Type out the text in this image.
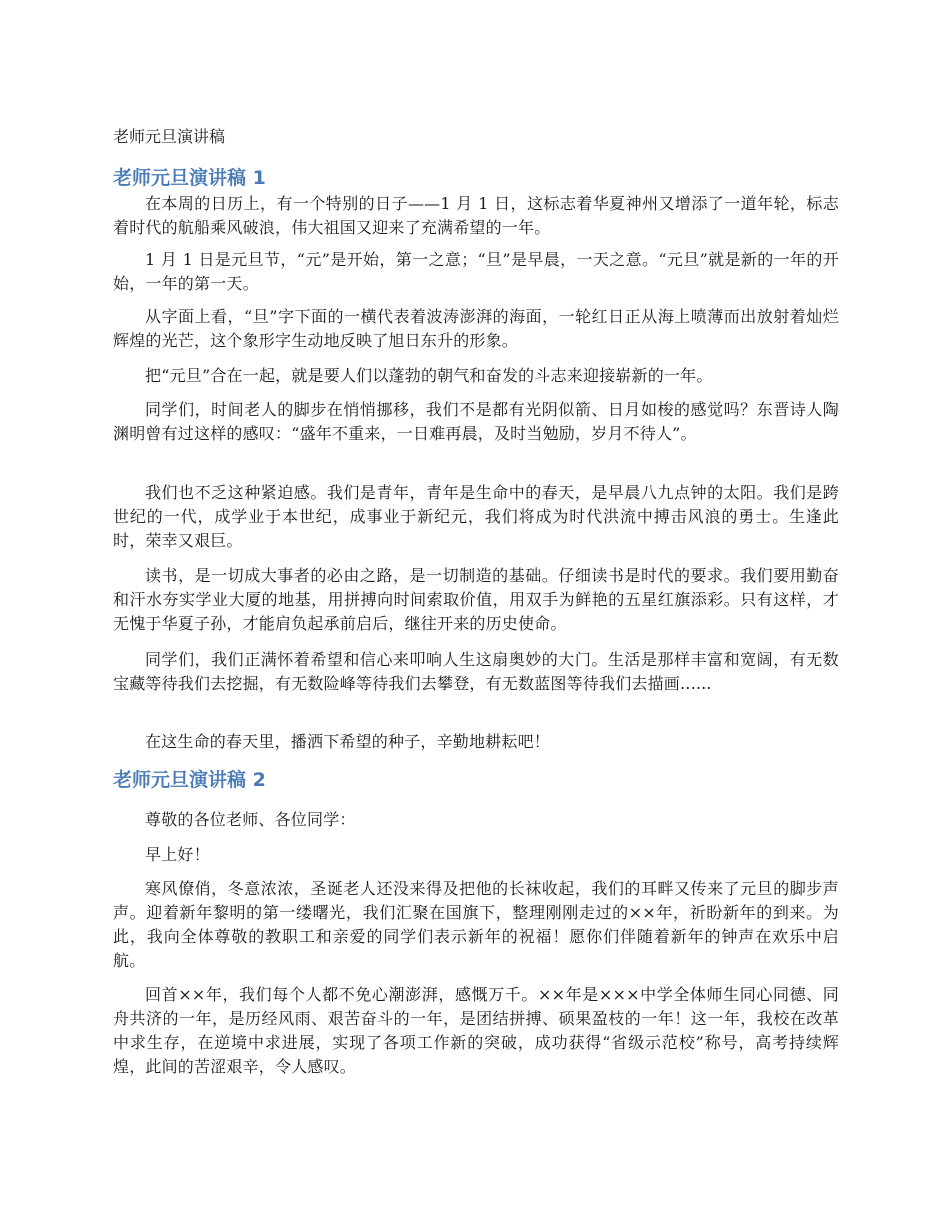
老师元旦演讲稿
老师元旦演讲稿 1

在本周的日历上，有一个特别的日子——1 月 1 日，这标志着华夏神州又增添了一道年轮，标志着时代的航船乘风破浪，伟大祖国又迎来了充满希望的一年。

1 月 1 日是元旦节，“元”是开始，第一之意；“旦”是早晨，一天之意。“元旦”就是新的一年的开始，一年的第一天。

从字面上看，“旦”字下面的一横代表着波涛澎湃的海面，一轮红日正从海上喷薄而出放射着灿烂辉煌的光芒，这个象形字生动地反映了旭日东升的形象。

把“元旦”合在一起，就是要人们以蓬勃的朝气和奋发的斗志来迎接崭新的一年。

同学们，时间老人的脚步在悄悄挪移，我们不是都有光阴似箭、日月如梭的感觉吗？东晋诗人陶渊明曾有过这样的感叹：“盛年不重来，一日难再晨，及时当勉励，岁月不待人”。

我们也不乏这种紧迫感。我们是青年，青年是生命中的春天，是早晨八九点钟的太阳。我们是跨世纪的一代，成学业于本世纪，成事业于新纪元，我们将成为时代洪流中搏击风浪的勇士。生逢此时，荣幸又艰巨。

读书，是一切成大事者的必由之路，是一切制造的基础。仔细读书是时代的要求。我们要用勤奋和汗水夯实学业大厦的地基，用拼搏向时间索取价值，用双手为鲜艳的五星红旗添彩。只有这样，才无愧于华夏子孙，才能肩负起承前启后，继往开来的历史使命。

同学们，我们正满怀着希望和信心来叩响人生这扇奥妙的大门。生活是那样丰富和宽阔，有无数宝藏等待我们去挖掘，有无数险峰等待我们去攀登，有无数蓝图等待我们去描画......

在这生命的春天里，播洒下希望的种子，辛勤地耕耘吧！

老师元旦演讲稿 2

尊敬的各位老师、各位同学：

早上好！

寒风僚俏，冬意浓浓，圣诞老人还没来得及把他的长袜收起，我们的耳畔又传来了元旦的脚步声声。迎着新年黎明的第一缕曙光，我们汇聚在国旗下，整理刚刚走过的××年，祈盼新年的到来。为此，我向全体尊敬的教职工和亲爱的同学们表示新年的祝福！愿你们伴随着新年的钟声在欢乐中启航。

回首××年，我们每个人都不免心潮澎湃，感慨万千。××年是×××中学全体师生同心同德、同舟共济的一年，是历经风雨、艰苦奋斗的一年，是团结拼搏、硕果盈枝的一年！这一年，我校在改革中求生存，在逆境中求进展，实现了各项工作新的突破，成功获得“省级示范校”称号，高考持续辉煌，此间的苦涩艰辛，令人感叹。
